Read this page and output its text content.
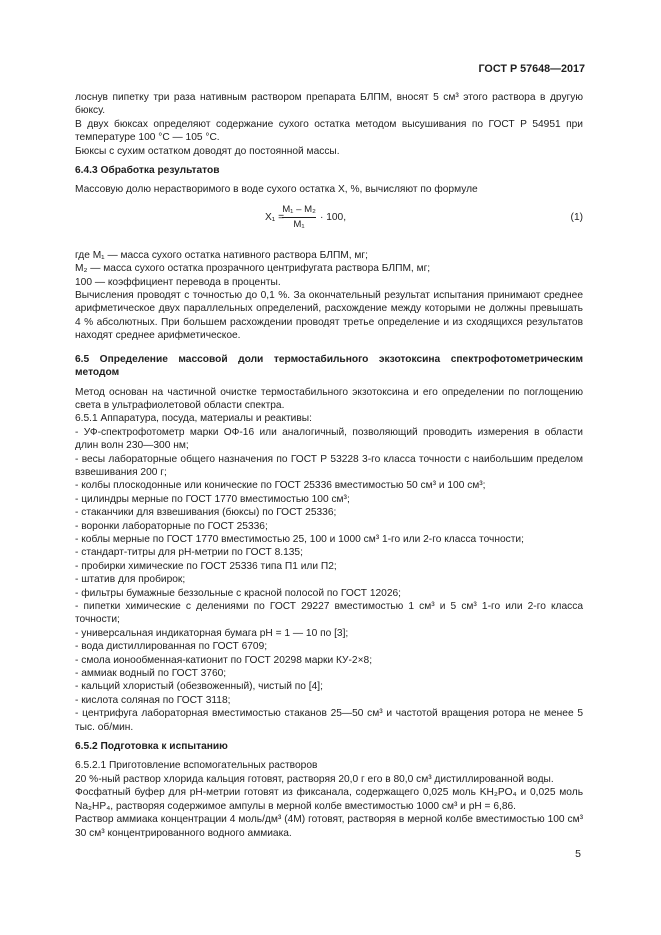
ГОСТ Р 57648—2017

лоснув пипетку три раза нативным раствором препарата БЛПМ, вносят 5 см³ этого раствора в другую бюксу.

В двух бюксах определяют содержание сухого остатка методом высушивания по ГОСТ Р 54951 при температуре 100 °С — 105 °С.

Бюксы с сухим остатком доводят до постоянной массы.

6.4.3 Обработка результатов

Массовую долю нерастворимого в воде сухого остатка X, %, вычисляют по формуле

X₁ =
$\frac{\text{M₁ – M₂}}{\text{M₁}} \cdot 100$,	(1)

где M₁ — масса сухого остатка нативного раствора БЛПМ, мг;

M₂ — масса сухого остатка прозрачного центрифугата раствора БЛПМ, мг;

100 — коэффициент перевода в проценты.

Вычисления проводят с точностью до 0,1 %. За окончательный результат испытания принимают среднее арифметическое двух параллельных определений, расхождение между которыми не должны превышать 4 % абсолютных. При большем расхождении проводят третье определение и из сходящихся результатов находят среднее арифметическое.

6.5 Определение массовой доли термостабильного экзотоксина спектрофотометрическим методом

Метод основан на частичной очистке термостабильного экзотоксина и его определении по поглощению света в ультрафиолетовой области спектра.

6.5.1 Аппаратура, посуда, материалы и реактивы:

- УФ-спектрофотометр марки ОФ-16 или аналогичный, позволяющий проводить измерения в области длин волн 230—300 нм;

- весы лабораторные общего назначения по ГОСТ Р 53228 3-го класса точности с наибольшим пределом взвешивания 200 г;

- колбы плоскодонные или конические по ГОСТ 25336 вместимостью 50 см³ и 100 см³;

- цилиндры мерные по ГОСТ 1770 вместимостью 100 см³;

- стаканчики для взвешивания (бюксы) по ГОСТ 25336;

- воронки лабораторные по ГОСТ 25336;

- коблы мерные по ГОСТ 1770 вместимостью 25, 100 и 1000 см³ 1-го или 2-го класса точности;

- стандарт-титры для pH-метрии по ГОСТ 8.135;

- пробирки химические по ГОСТ 25336 типа П1 или П2;

- штатив для пробирок;

- фильтры бумажные беззольные с красной полосой по ГОСТ 12026;

- пипетки химические с делениями по ГОСТ 29227 вместимостью 1 см³ и 5 см³ 1-го или 2-го класса точности;

- универсальная индикаторная бумага pH = 1 — 10 по [3];

- вода дистиллированная по ГОСТ 6709;

- смола ионообменная-катионит по ГОСТ 20298 марки КУ-2×8;

- аммиак водный по ГОСТ 3760;

- кальций хлористый (обезвоженный), чистый по [4];

- кислота соляная по ГОСТ 3118;

- центрифуга лабораторная вместимостью стаканов 25—50 см³ и частотой вращения ротора не менее 5 тыс. об/мин.

6.5.2 Подготовка к испытанию

6.5.2.1 Приготовление вспомогательных растворов

20 %-ный раствор хлорида кальция готовят, растворяя 20,0 г его в 80,0 см³ дистиллированной воды.

Фосфатный буфер для pH-метрии готовят из фиксанала, содержащего 0,025 моль KH₂PO₄ и 0,025 моль Na₂HP₄, растворяя содержимое ампулы в мерной колбе вместимостью 1000 см³ и pH = 6,86.

Раствор аммиака концентрации 4 моль/дм³ (4М) готовят, растворяя в мерной колбе вместимостью 100 см³ 30 см³ концентрированного водного аммиака.

5
